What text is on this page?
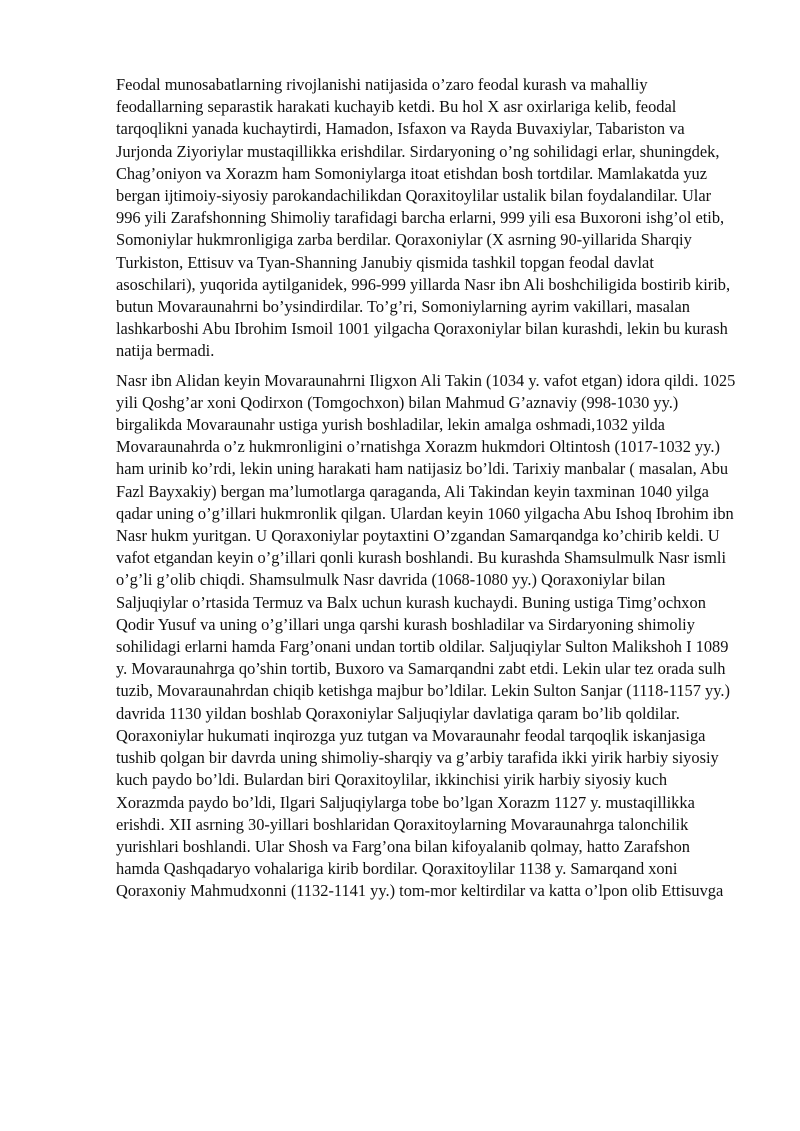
Feodal munosabatlarning rivojlanishi natijasida o’zaro feodal kurash va mahalliy feodallarning separastik harakati kuchayib ketdi. Bu hol X asr oxirlariga kelib, feodal tarqoqlikni yanada kuchaytirdi, Hamadon, Isfaxon va Rayda Buvaxiylar, Tabariston va Jurjonda Ziyoriylar mustaqillikka erishdilar. Sirdaryoning o’ng sohilidagi erlar, shuningdek, Chag’oniyon va Xorazm ham Somoniylarga itoat etishdan bosh tortdilar. Mamlakatda yuz bergan ijtimoiy-siyosiy parokandachilikdan Qoraxitoylilar ustalik bilan foydalandilar. Ular 996 yili Zarafshonning Shimoliy tarafidagi barcha erlarni, 999 yili esa Buxoroni ishg’ol etib, Somoniylar hukmronligiga zarba berdilar. Qoraxoniylar (X asrning 90-yillarida Sharqiy Turkiston, Ettisuv va Tyan-Shanning Janubiy qismida tashkil topgan feodal davlat asoschilari), yuqorida aytilganidek, 996-999 yillarda Nasr ibn Ali boshchiligida bostirib kirib, butun Movaraunahrni bo’ysindirdilar. To’g’ri, Somoniylarning ayrim vakillari, masalan lashkarboshi Abu Ibrohim Ismoil 1001 yilgacha Qoraxoniylar bilan kurashdi, lekin bu kurash natija bermadi.

Nasr ibn Alidan keyin Movaraunahrni Iligxon Ali Takin (1034 y. vafot etgan) idora qildi. 1025 yili Qoshg’ar xoni Qodirxon (Tomgochxon) bilan Mahmud G’aznaviy (998-1030 yy.) birgalikda Movaraunahr ustiga yurish boshladilar, lekin amalga oshmadi,1032 yilda Movaraunahrda o’z hukmronligini o’rnatishga Xorazm hukmdori Oltintosh (1017-1032 yy.) ham urinib ko’rdi, lekin uning harakati ham natijasiz bo’ldi. Tarixiy manbalar ( masalan, Abu Fazl Bayxakiy) bergan ma’lumotlarga qaraganda, Ali Takindan keyin taxminan 1040 yilga qadar uning o’g’illari hukmronlik qilgan. Ulardan keyin 1060 yilgacha Abu Ishoq Ibrohim ibn Nasr hukm yuritgan. U Qoraxoniylar poytaxtini O’zgandan Samarqandga ko’chirib keldi. U vafot etgandan keyin o’g’illari qonli kurash boshlandi. Bu kurashda Shamsulmulk Nasr ismli o’g’li g’olib chiqdi. Shamsulmulk Nasr davrida (1068-1080 yy.) Qoraxoniylar bilan Saljuqiylar o’rtasida Termuz va Balx uchun kurash kuchaydi. Buning ustiga Timg’ochxon Qodir Yusuf va uning o’g’illari unga qarshi kurash boshladilar va Sirdaryoning shimoliy sohilidagi erlarni hamda Farg’onani undan tortib oldilar. Saljuqiylar Sulton Malikshoh I 1089 y. Movaraunahrga qo’shin tortib, Buxoro va Samarqandni zabt etdi. Lekin ular tez orada sulh tuzib, Movaraunahrdan chiqib ketishga majbur bo’ldilar. Lekin Sulton Sanjar (1118-1157 yy.) davrida 1130 yildan boshlab Qoraxoniylar Saljuqiylar davlatiga qaram bo’lib qoldilar. Qoraxoniylar hukumati inqirozga yuz tutgan va Movaraunahr feodal tarqoqlik iskanjasiga tushib qolgan bir davrda uning shimoliy-sharqiy va g’arbiy tarafida ikki yirik harbiy siyosiy kuch paydo bo’ldi. Bulardan biri Qoraxitoylilar, ikkinchisi yirik harbiy siyosiy kuch Xorazmda paydo bo’ldi, Ilgari Saljuqiylarga tobe bo’lgan Xorazm 1127 y. mustaqillikka erishdi. XII asrning 30-yillari boshlaridan Qoraxitoylarning Movaraunahrga talonchilik yurishlari boshlandi. Ular Shosh va Farg’ona bilan kifoyalanib qolmay, hatto Zarafshon hamda Qashqadaryo vohalariga kirib bordilar. Qoraxitoylilar 1138 y. Samarqand xoni Qoraxoniy Mahmudxonni (1132-1141 yy.) tom-mor keltirdilar va katta o’lpon olib Ettisuvga
